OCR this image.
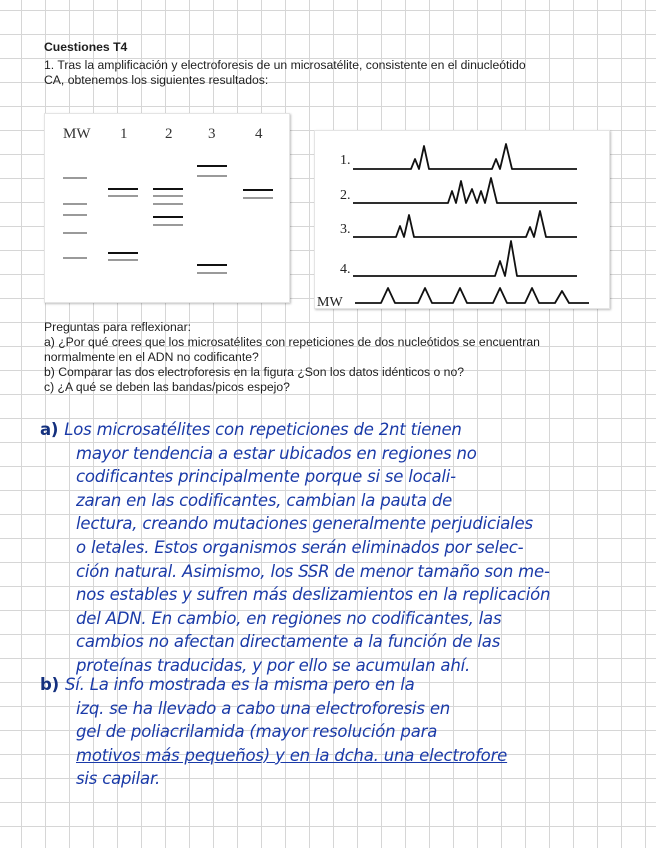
Cuestiones T4
1. Tras la amplificación y electroforesis de un microsatélite, consistente en el dinucleótido
CA, obtenemos los siguientes resultados:
MW 1	2 3	4
1.
2.
3.
4.
MW
Preguntas para reflexionar:
a) ¿Por qué crees que los microsatélites con repeticiones de dos nucleótidos se encuentran
normalmente en el ADN no codificante?
b) Comparar las dos electroforesis en la figura ¿Son los datos idénticos o no?
c) ¿A qué se deben las bandas/picos espejo?
a) Los microsatélites con repeticiones de 2nt tienen
mayor tendencia a estar ubicados en regiones no
codificantes principalmente porque si se locali-
zaran en las codificantes, cambian la pauta de
lectura, creando mutaciones generalmente perjudiciales
o letales. Estos organismos serán eliminados por selec-
ción natural. Asimismo, los SSR de menor tamaño son me-
nos estables y sufren más deslizamientos en la replicación
del ADN. En cambio, en regiones no codificantes, las
cambios no afectan directamente a la función de las
proteínas traducidas, y por ello se acumulan ahí.
b) Sí. La info mostrada es la misma pero en la
izq. se ha llevado a cabo una electroforesis en
gel de poliacrilamida (mayor resolución para
motivos más pequeños) y en la dcha. una electrofore
sis capilar.
